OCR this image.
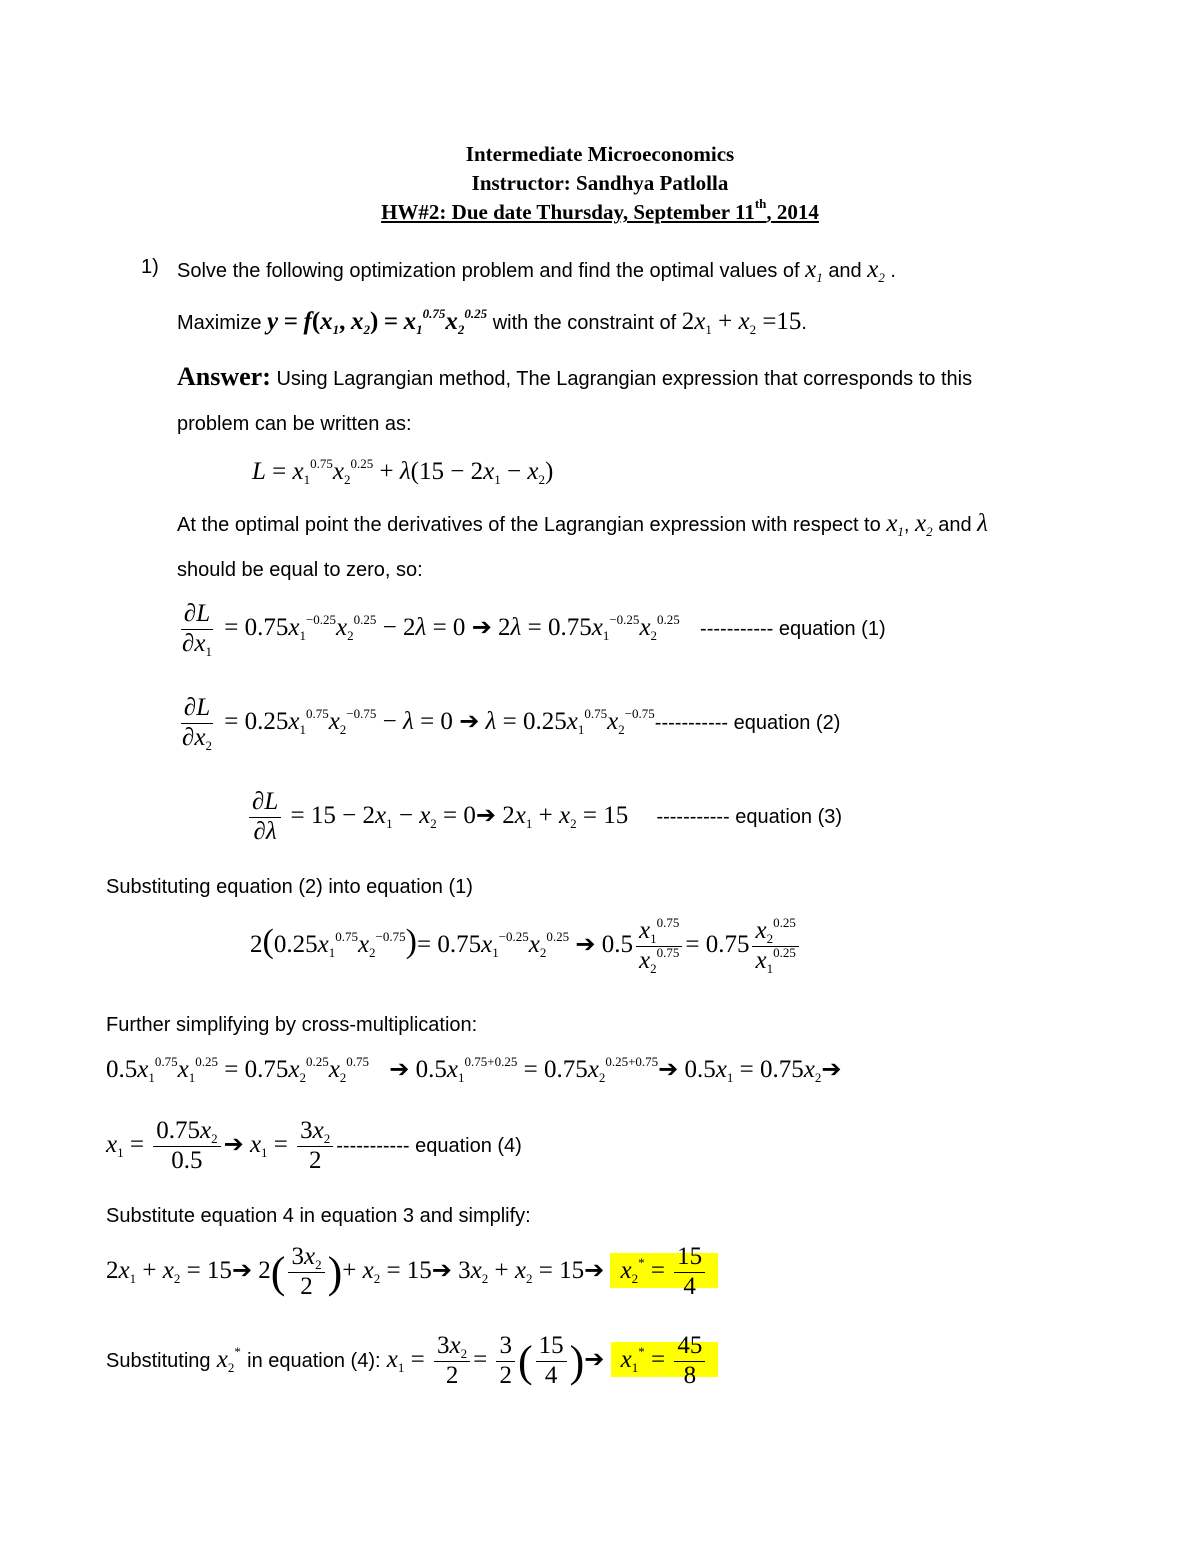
Intermediate Microeconomics
Instructor: Sandhya Patlolla
HW#2: Due date Thursday, September 11th, 2014
1) Solve the following optimization problem and find the optimal values of $x_1$ and $x_2$ .
Maximize $y = f(x_1$, $x_2) = x_1^{0.75}x_2^{0.25}$ with the constraint of $2x_1 + x_2 =15$.
Answer: Using Lagrangian method, The Lagrangian expression that corresponds to this
problem can be written as:
$L = x_1^{0.75}x_2^{0.25} + \lambda(15 - 2x_1 - x_2)$
At the optimal point the derivatives of the Lagrangian expression with respect to $x_1$, $x_2$ and λ
should be equal to zero, so:
$\frac{\partial L}{\partial x_1} = 0.75x_1^{-0.25}x_2^{0.25} - 2\lambda = 0$ ➔ $2\lambda = 0.75x_1^{-0.25}x_2^{0.25}$ ----------- equation (1)
$\frac{\partial L}{\partial x_2} = 0.25x_1^{0.75}x_2^{-0.75} - \lambda = 0$ ➔ $\lambda = 0.25x_1^{0.75}x_2^{-0.75}-----------$ equation (2)
$\frac{\partial L}{\partial\lambda} = 15 - 2x_1 - x_2$ = 0➔ $2x_1 + x_2 = 15$ ----------- equation (3)
Substituting equation (2) into equation (1)
$2(0.25x_1^{0.75}x_2^{-0.75})= 0.75x_1^{-0.25}x_2^{0.25}$ ➔ $0.5 \frac{x_1^{0.75}}{x_2^{0.75}} = 0.75 \frac{x_2^{0.25}}{x_1^{0.25}}$
Further simplifying by cross-multiplication:
$0.5x_1^{0.75}x_1^{0.25} = 0.75x_2^{0.25}x_2^{0.75}$ ➔ $0.5x_1^{0.75+0.25}$ = $0.75x_2^{0.25+0.75}➔$ $0.5x_1$ = $0.75x_2➔$
$x_1 = \frac{0.75x_2}{0.5}$ ➔ $x_1 = \frac{3x_2}{2}$ ----------- equation (4)
Substitute equation 4 in equation 3 and simplify:
$2x_1 + x_2$ = 15➔ $2( \frac{3x_2}{2}$ )+ $x_2$ = 15➔ $3x_2 + x_2$ = 15➔ $x_2^* = \frac{15}{4}$
Substituting $x_2^*$ in equation (4): $x_1 = \frac{3x_2}{2} = \frac{3}{2}$ ( $\frac{15}{4}$ )➔ $x_1^* = \frac{45}{8}$
